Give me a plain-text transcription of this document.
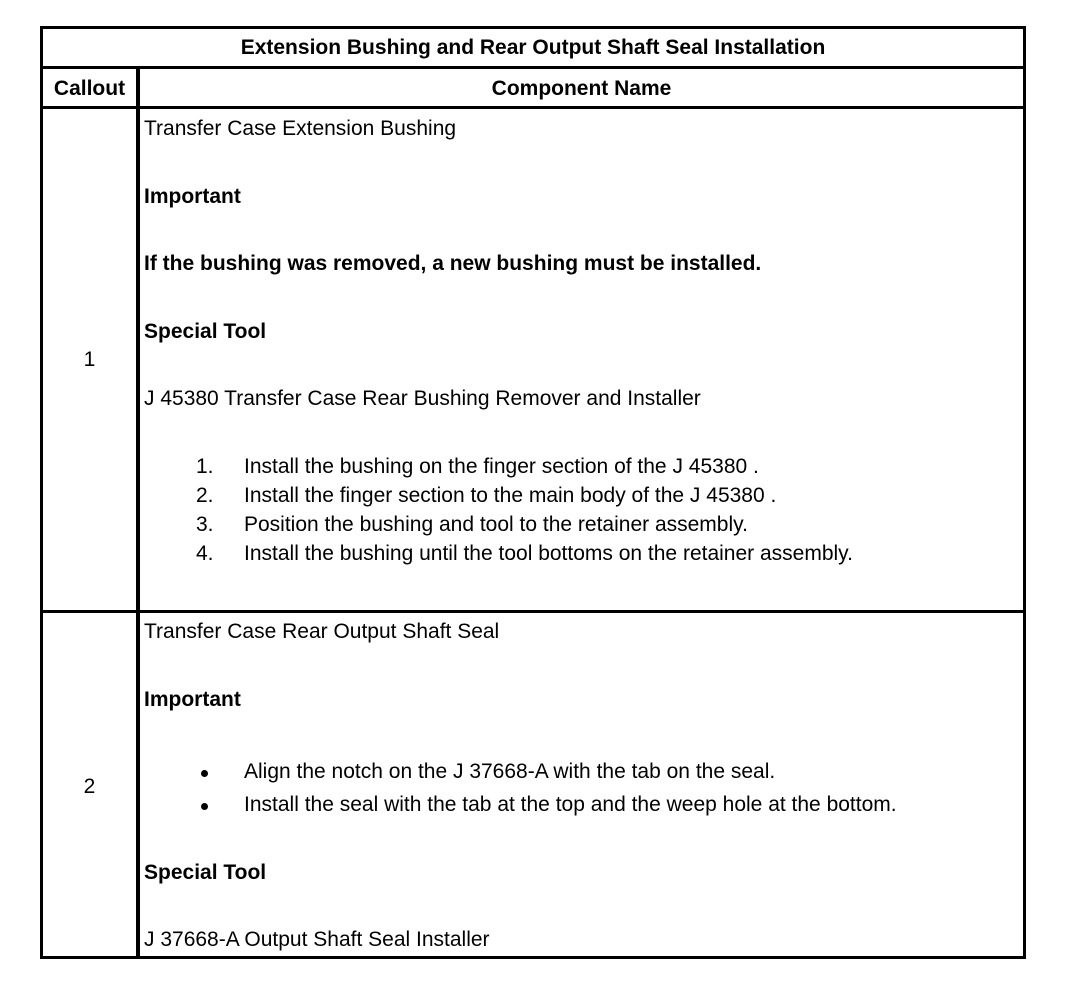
Extension Bushing and Rear Output Shaft Seal Installation
Callout	Component Name
1
Transfer Case Extension Bushing
Important
If the bushing was removed, a new bushing must be installed.
Special Tool
J 45380 Transfer Case Rear Bushing Remover and Installer
1. Install the bushing on the finger section of the J 45380 .
2. Install the finger section to the main body of the J 45380 .
3. Position the bushing and tool to the retainer assembly.
4. Install the bushing until the tool bottoms on the retainer assembly.
2
Transfer Case Rear Output Shaft Seal
Important
Align the notch on the J 37668-A with the tab on the seal.
Install the seal with the tab at the top and the weep hole at the bottom.
Special Tool
J 37668-A Output Shaft Seal Installer
